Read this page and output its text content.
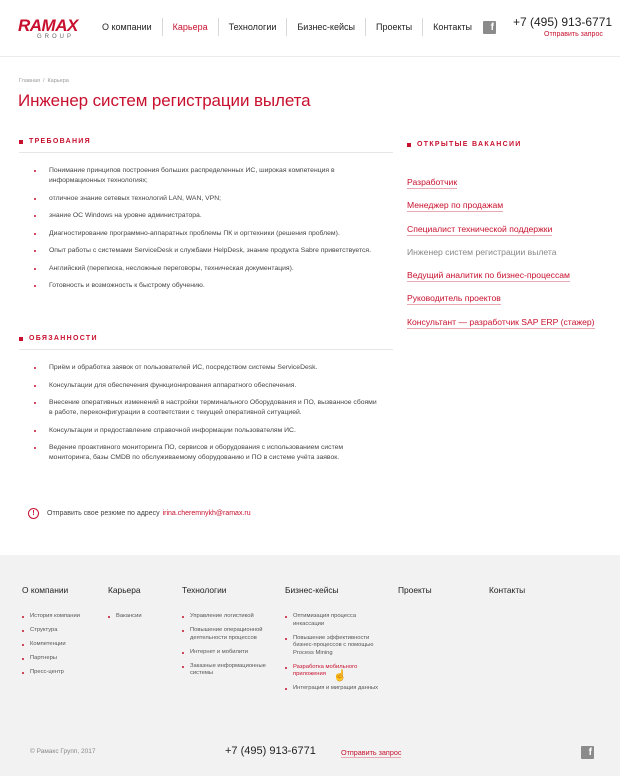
RAMAX
GROUP
О компании	Карьера	Технологии	Бизнес-кейсы	Проекты	Контакты	f +7 (495) 913-6771
Отправить запрос
Главная / Карьера
Инженер систем регистрации вылета
ТРЕБОВАНИЯ
Понимание принципов построения больших распределенных ИС, широкая компетенция в информационных технологиях;
отличное знание сетевых технологий LAN, WAN, VPN;
знание ОС Windows на уровне администратора.
Диагностирование программно-аппаратных проблемы ПК и оргтехники (решения проблем).
Опыт работы с системами ServiceDesk и службами HelpDesk, знание продукта Sabre приветствуется.
Английский (переписка, несложные переговоры, техническая документация).
Готовность и возможность к быстрому обучению.
ОБЯЗАННОСТИ
Приём и обработка заявок от пользователей ИС, посредством системы ServiceDesk.
Консультации для обеспечения функционирования аппаратного обеспечения.
Внесение оперативных изменений в настройки терминального Оборудования и ПО, вызванное сбоями в работе, переконфигурации в соответствии с текущей оперативной ситуацией.
Консультации и предоставление справочной информации пользователям ИС.
Ведение проактивного мониторинга ПО, сервисов и оборудования с использованием систем мониторинга, базы CMDB по обслуживаемому оборудованию и ПО в системе учёта заявок.
!	Отправить свое резюме по адресу irina.cheremnykh@ramax.ru
ОТКРЫТЫЕ ВАКАНСИИ
Разработчик
Менеджер по продажам
Специалист технической поддержки
Инженер систем регистрации вылета
Ведущий аналитик по бизнес-процессам
Руководитель проектов
Консультант — разработчик SAP ERP (стажер)
О компании
История компании
Структура
Компетенции
Партнеры
Пресс-центр
Карьера
Вакансии
Технологии
Управление логистикой
Повышение операционной деятельности процессов
Интернет и мобилити
Заказные информационные системы
Бизнес-кейсы
Оптимизация процесса инкассации
Повышение эффективности бизнес-процессов с помощью Process Mining
Разработка мобильного приложения
Интеграция и миграция данных
Проекты	Контакты
☝
© Рамакс Групп, 2017	+7 (495) 913-6771	Отправить запрос	f
